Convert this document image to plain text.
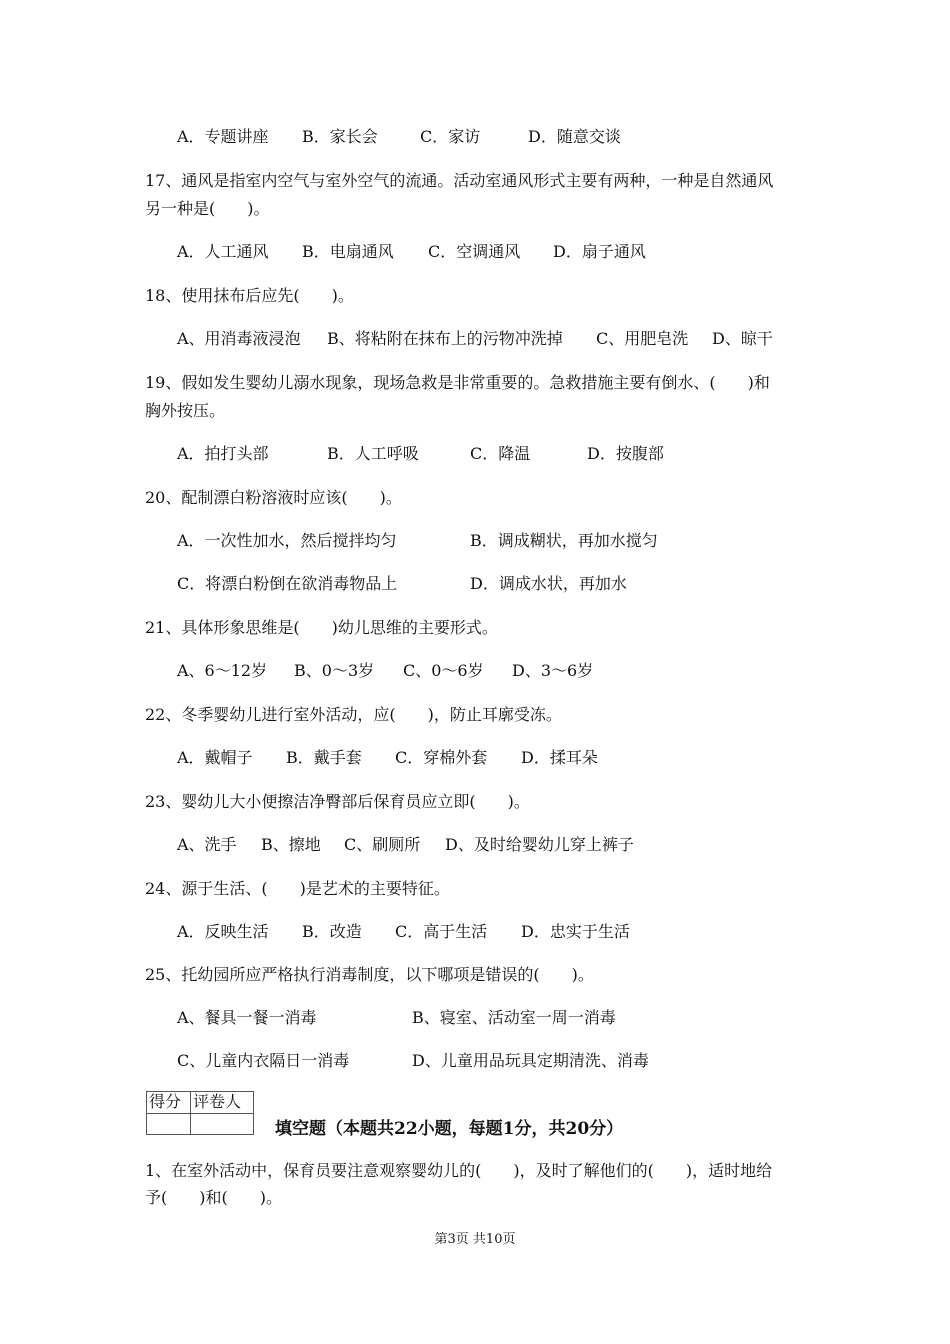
A．专题讲座 B．家长会	C．家访	D．随意交谈
17、通风是指室内空气与室外空气的流通。活动室通风形式主要有两种，一种是自然通风
另一种是(　　)。
A．人工通风 B．电扇通风 C．空调通风 D．扇子通风
18、使用抹布后应先(　　)。
A、用消毒液浸泡 B、将粘附在抹布上的污物冲洗掉 C、用肥皂洗 D、晾干
19、假如发生婴幼儿溺水现象，现场急救是非常重要的。急救措施主要有倒水、(　　)和
胸外按压。
A．拍打头部	B．人工呼吸	C．降温	D．按腹部
20、配制漂白粉溶液时应该(　　)。
A．一次性加水，然后搅拌均匀	B．调成糊状，再加水搅匀
C．将漂白粉倒在欲消毒物品上	D．调成水状，再加水
21、具体形象思维是(　　)幼儿思维的主要形式。
A、6～12岁 B、0～3岁 C、0～6岁 D、3～6岁
22、冬季婴幼儿进行室外活动，应(　　)，防止耳廓受冻。
A．戴帽子 B．戴手套 C．穿棉外套 D．揉耳朵
23、婴幼儿大小便擦洁净臀部后保育员应立即(　　)。
A、洗手 B、擦地 C、刷厕所 D、及时给婴幼儿穿上裤子
24、源于生活、(　　)是艺术的主要特征。
A．反映生活 B．改造 C．高于生活 D．忠实于生活
25、托幼园所应严格执行消毒制度，以下哪项是错误的(　　)。
A、餐具一餐一消毒	B、寝室、活动室一周一消毒
C、儿童内衣隔日一消毒	D、儿童用品玩具定期清洗、消毒
得分	评卷人

填空题（本题共22小题，每题1分，共20分）
1、在室外活动中，保育员要注意观察婴幼儿的(　　)，及时了解他们的(　　)，适时地给
予(　　)和(　　)。
第3页 共10页
